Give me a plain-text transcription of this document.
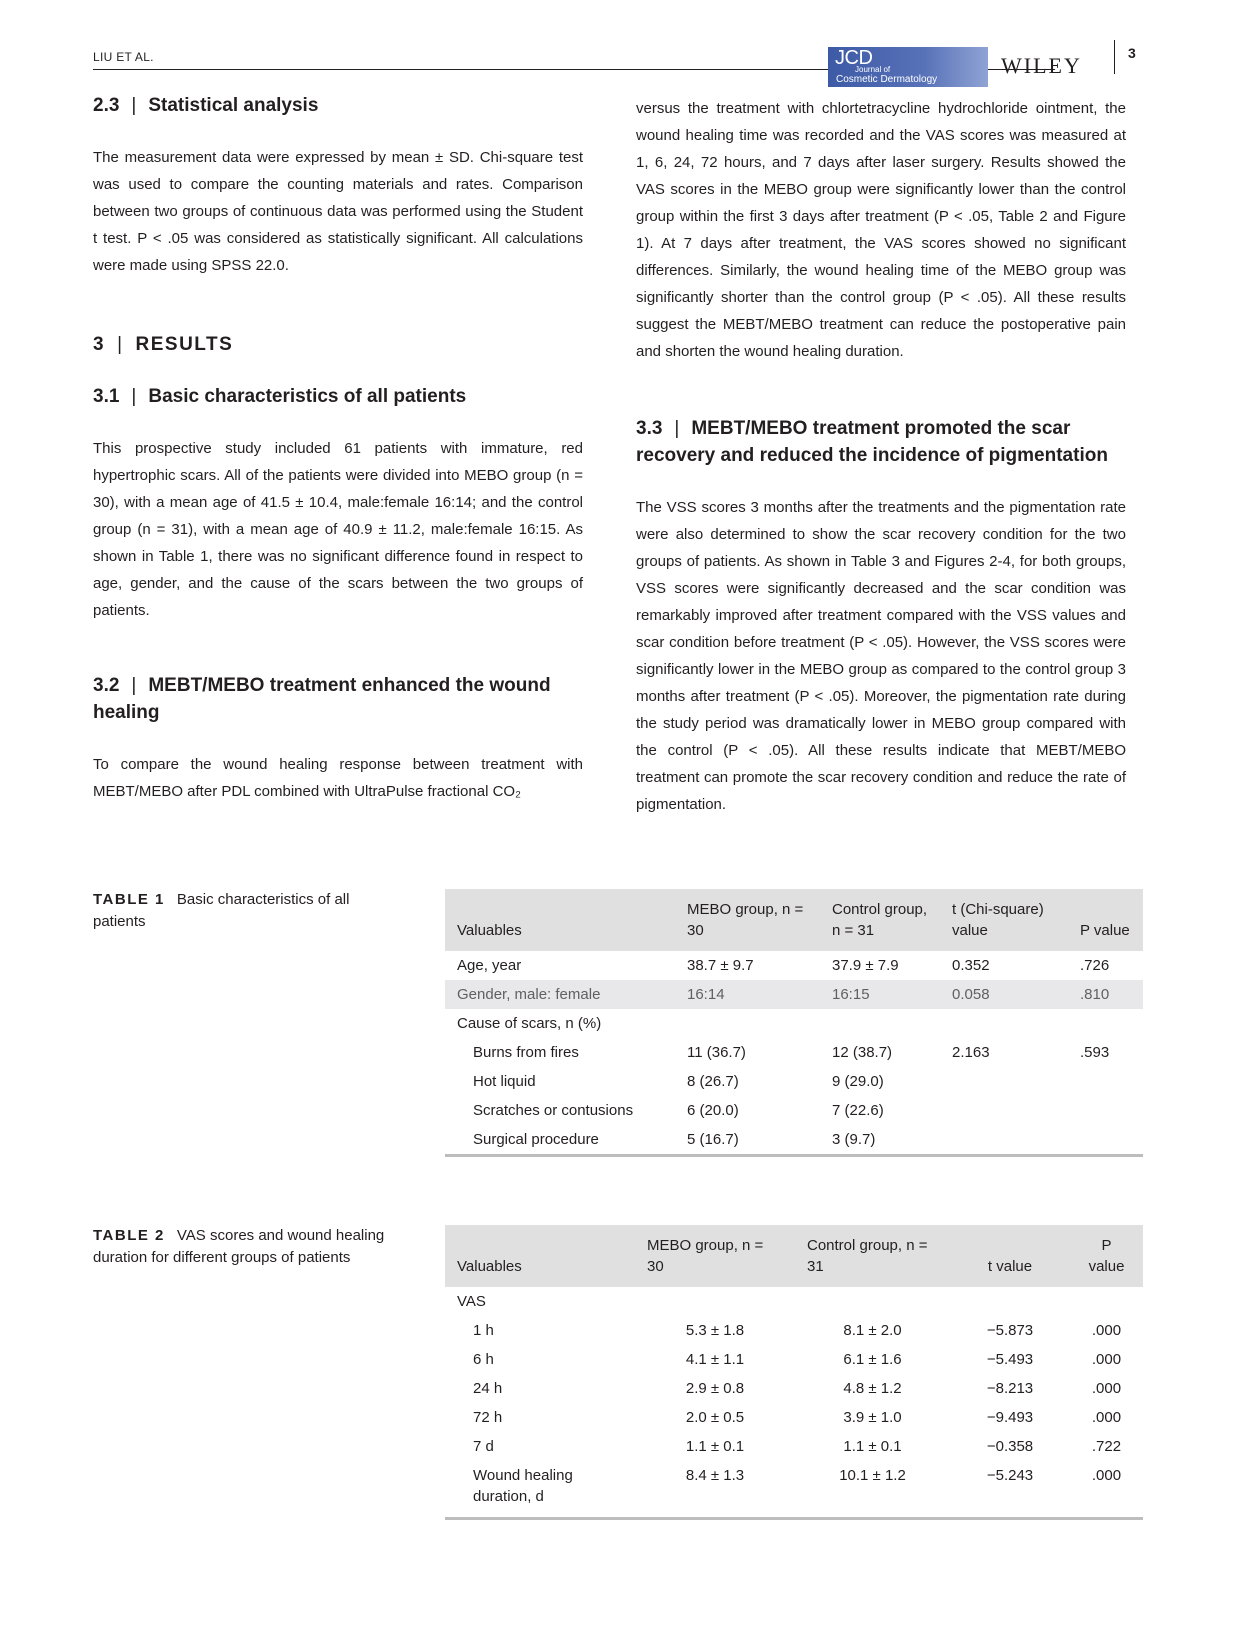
LIU ET AL.	JCD
Journal of
Cosmetic Dermatology
WILEY	3
2.3 | Statistical analysis

The measurement data were expressed by mean ± SD. Chi-square test was used to compare the counting materials and rates. Comparison between two groups of continuous data was performed using the Student t test. P < .05 was considered as statistically significant. All calculations were made using SPSS 22.0.

3 | RESULTS
3.1 | Basic characteristics of all patients

This prospective study included 61 patients with immature, red hypertrophic scars. All of the patients were divided into MEBO group (n = 30), with a mean age of 41.5 ± 10.4, male:female 16:14; and the control group (n = 31), with a mean age of 40.9 ± 11.2, male:female 16:15. As shown in Table 1, there was no significant difference found in respect to age, gender, and the cause of the scars between the two groups of patients.

3.2 | MEBT/MEBO treatment enhanced the wound healing

To compare the wound healing response between treatment with MEBT/MEBO after PDL combined with UltraPulse fractional CO₂

versus the treatment with chlortetracycline hydrochloride ointment, the wound healing time was recorded and the VAS scores was measured at 1, 6, 24, 72 hours, and 7 days after laser surgery. Results showed the VAS scores in the MEBO group were significantly lower than the control group within the first 3 days after treatment (P < .05, Table 2 and Figure 1). At 7 days after treatment, the VAS scores showed no significant differences. Similarly, the wound healing time of the MEBO group was significantly shorter than the control group (P < .05). All these results suggest the MEBT/MEBO treatment can reduce the postoperative pain and shorten the wound healing duration.

3.3 | MEBT/MEBO treatment promoted the scar recovery and reduced the incidence of pigmentation

The VSS scores 3 months after the treatments and the pigmentation rate were also determined to show the scar recovery condition for the two groups of patients. As shown in Table 3 and Figures 2-4, for both groups, VSS scores were significantly decreased and the scar condition was remarkably improved after treatment compared with the VSS values and scar condition before treatment (P < .05). However, the VSS scores were significantly lower in the MEBO group as compared to the control group 3 months after treatment (P < .05). Moreover, the pigmentation rate during the study period was dramatically lower in MEBO group compared with the control (P < .05). All these results indicate that MEBT/MEBO treatment can promote the scar recovery condition and reduce the rate of pigmentation.

TABLE 1 Basic characteristics of all patients
Valuables	MEBO group, n = 30	Control group, n = 31	t (Chi-square) value	P value
Age, year	38.7 ± 9.7	37.9 ± 7.9	0.352	.726
Gender, male: female	16:14	16:15	0.058	.810
Cause of scars, n (%)				
Burns from fires	11 (36.7)	12 (38.7)	2.163	.593
Hot liquid	8 (26.7)	9 (29.0)		
Scratches or contusions	6 (20.0)	7 (22.6)		
Surgical procedure	5 (16.7)	3 (9.7)		
TABLE 2 VAS scores and wound healing duration for different groups of patients
Valuables	MEBO group, n = 30	Control group, n = 31	t value	P value
VAS				
1 h	5.3 ± 1.8	8.1 ± 2.0	−5.873	.000
6 h	4.1 ± 1.1	6.1 ± 1.6	−5.493	.000
24 h	2.9 ± 0.8	4.8 ± 1.2	−8.213	.000
72 h	2.0 ± 0.5	3.9 ± 1.0	−9.493	.000
7 d	1.1 ± 0.1	1.1 ± 0.1	−0.358	.722
Wound healing duration, d	8.4 ± 1.3	10.1 ± 1.2	−5.243	.000
